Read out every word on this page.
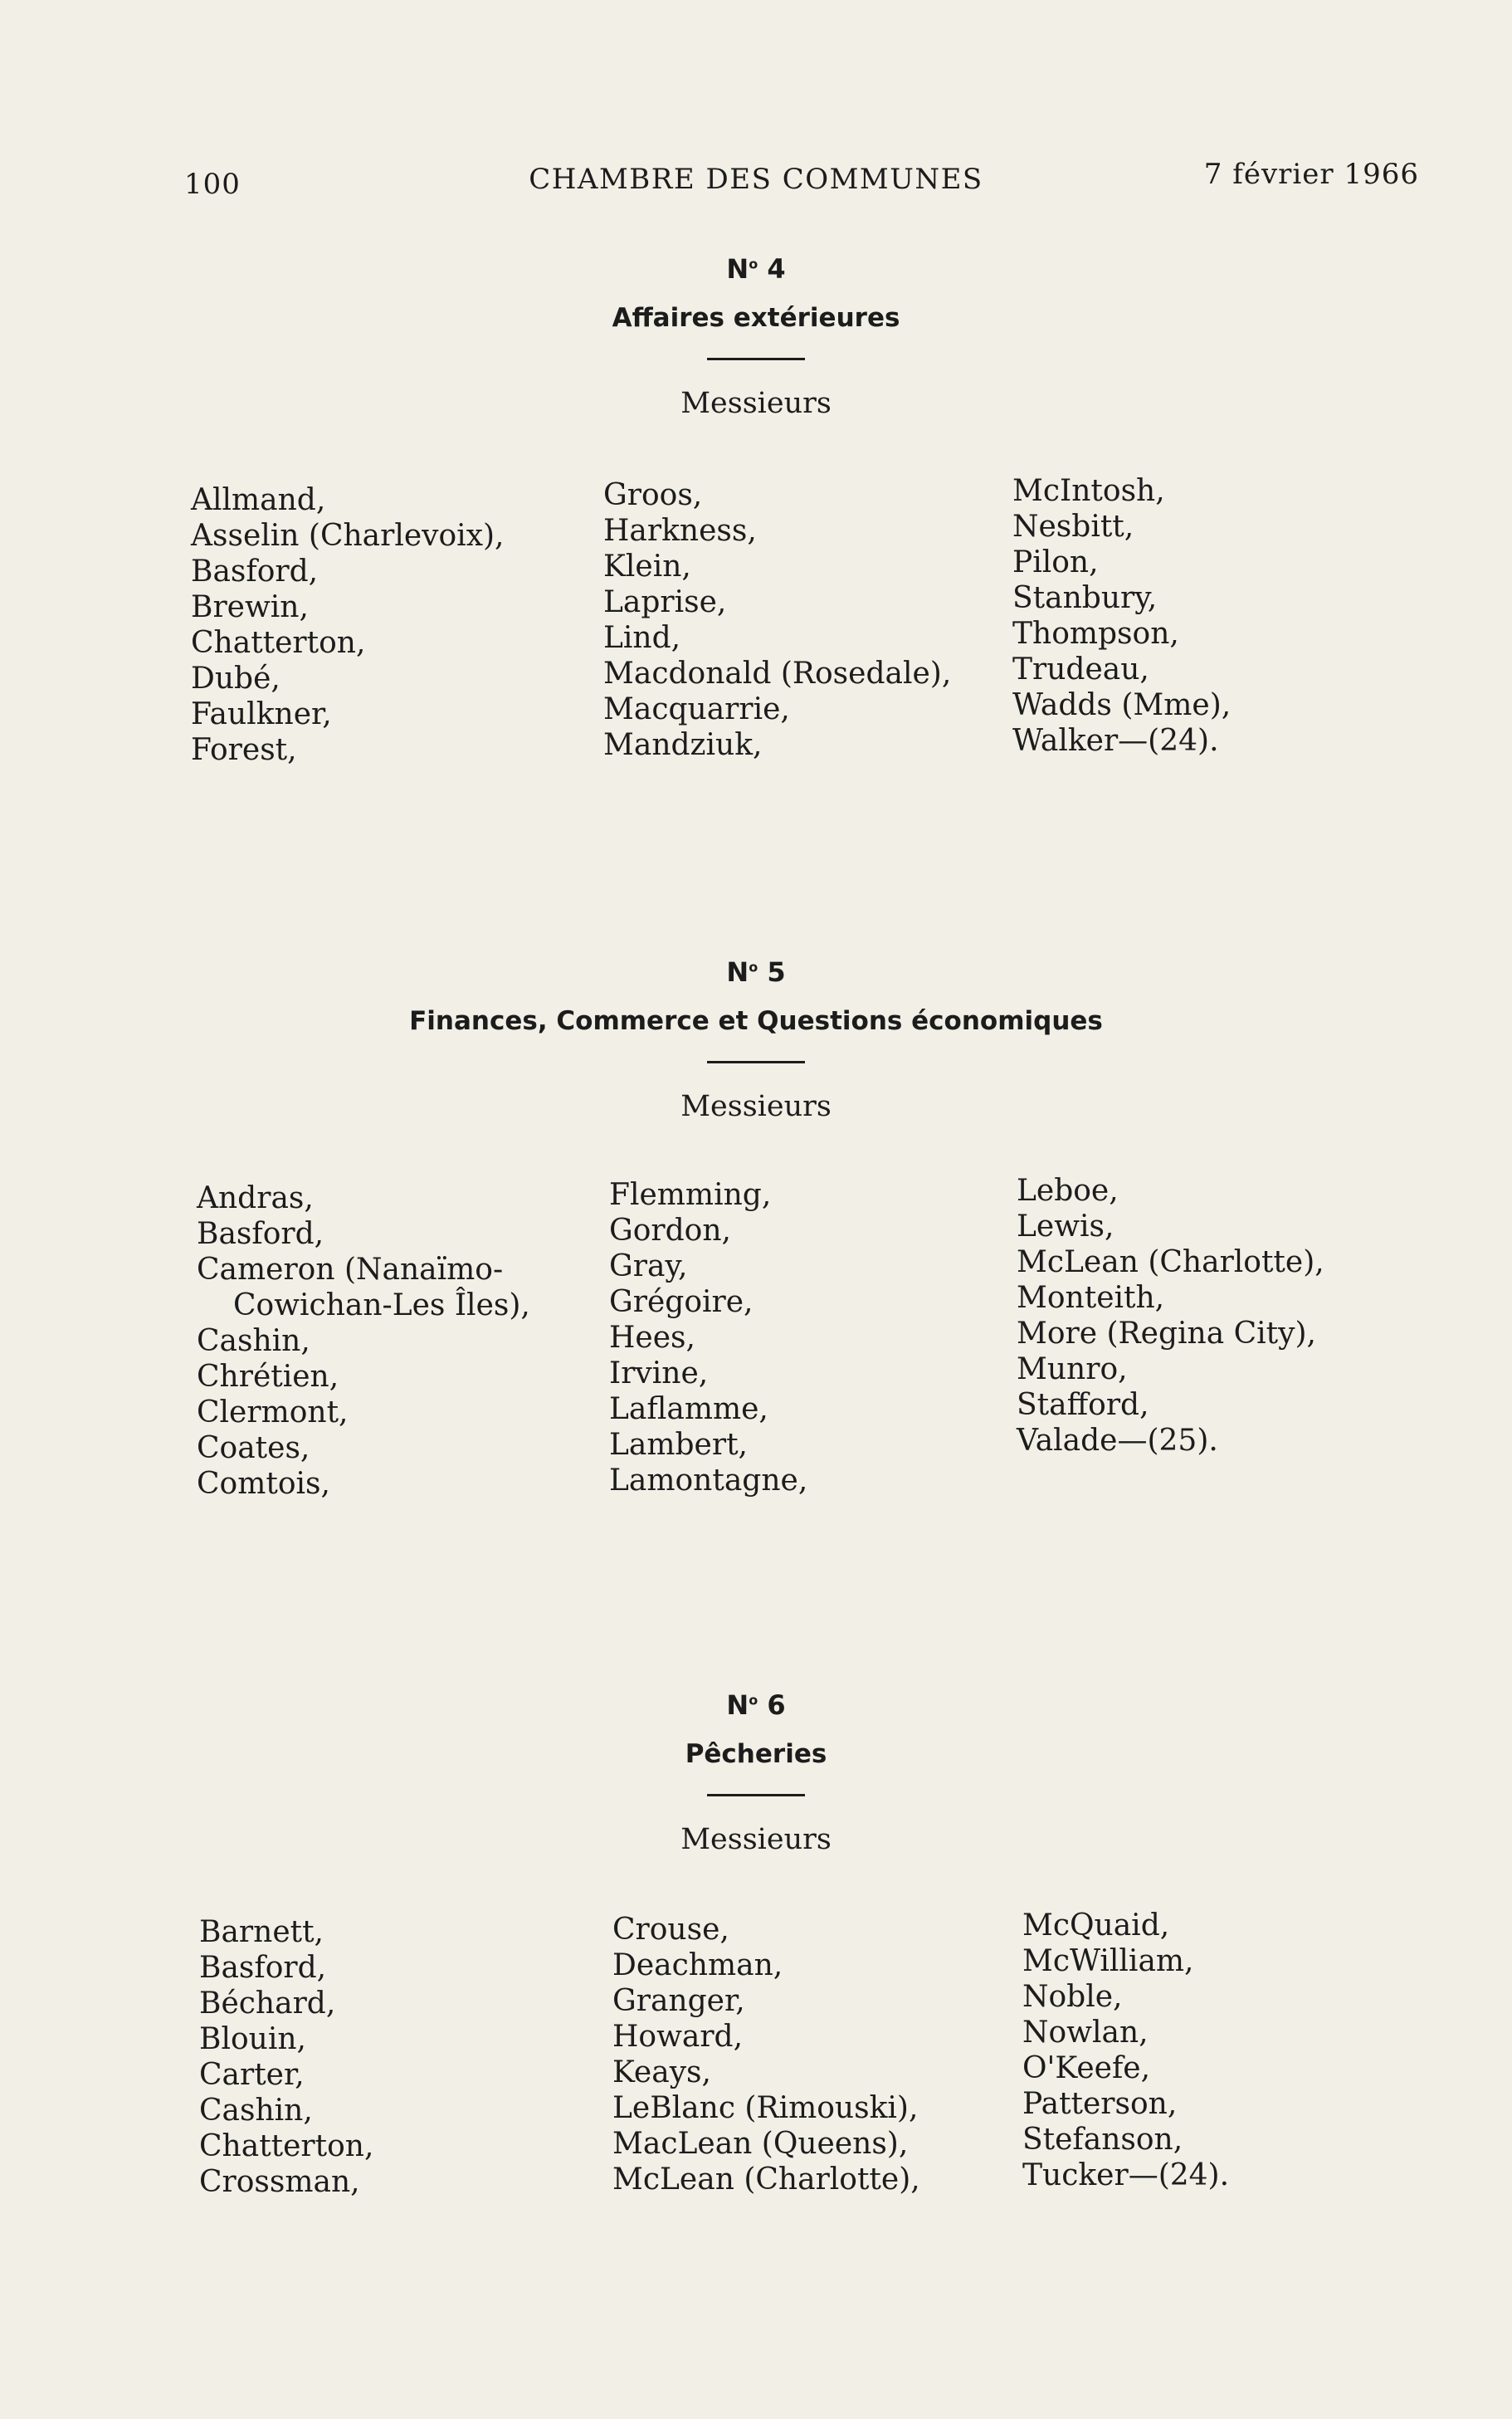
100	CHAMBRE DES COMMUNES	7 février 1966
$N^o$ 4
Affaires extérieures
Messieurs
Allmand,
Asselin (Charlevoix),
Basford,
Brewin,
Chatterton,
Dubé,
Faulkner,
Forest,
Groos,
Harkness,
Klein,
Laprise,
Lind,
Macdonald (Rosedale),
Macquarrie,
Mandziuk,
McIntosh,
Nesbitt,
Pilon,
Stanbury,
Thompson,
Trudeau,
Wadds (Mme),
Walker—(24).
$N^o$ 5
Finances, Commerce et Questions économiques
Messieurs
Andras,
Basford,
Cameron (Nanaïmo-
Cowichan-Les Îles),
Cashin,
Chrétien,
Clermont,
Coates,
Comtois,
Flemming,
Gordon,
Gray,
Grégoire,
Hees,
Irvine,
Laflamme,
Lambert,
Lamontagne,
Leboe,
Lewis,
McLean (Charlotte),
Monteith,
More (Regina City),
Munro,
Stafford,
Valade—(25).
$N^o$ 6
Pêcheries
Messieurs
Barnett,
Basford,
Béchard,
Blouin,
Carter,
Cashin,
Chatterton,
Crossman,
Crouse,
Deachman,
Granger,
Howard,
Keays,
LeBlanc (Rimouski),
MacLean (Queens),
McLean (Charlotte),
McQuaid,
McWilliam,
Noble,
Nowlan,
O'Keefe,
Patterson,
Stefanson,
Tucker—(24).
